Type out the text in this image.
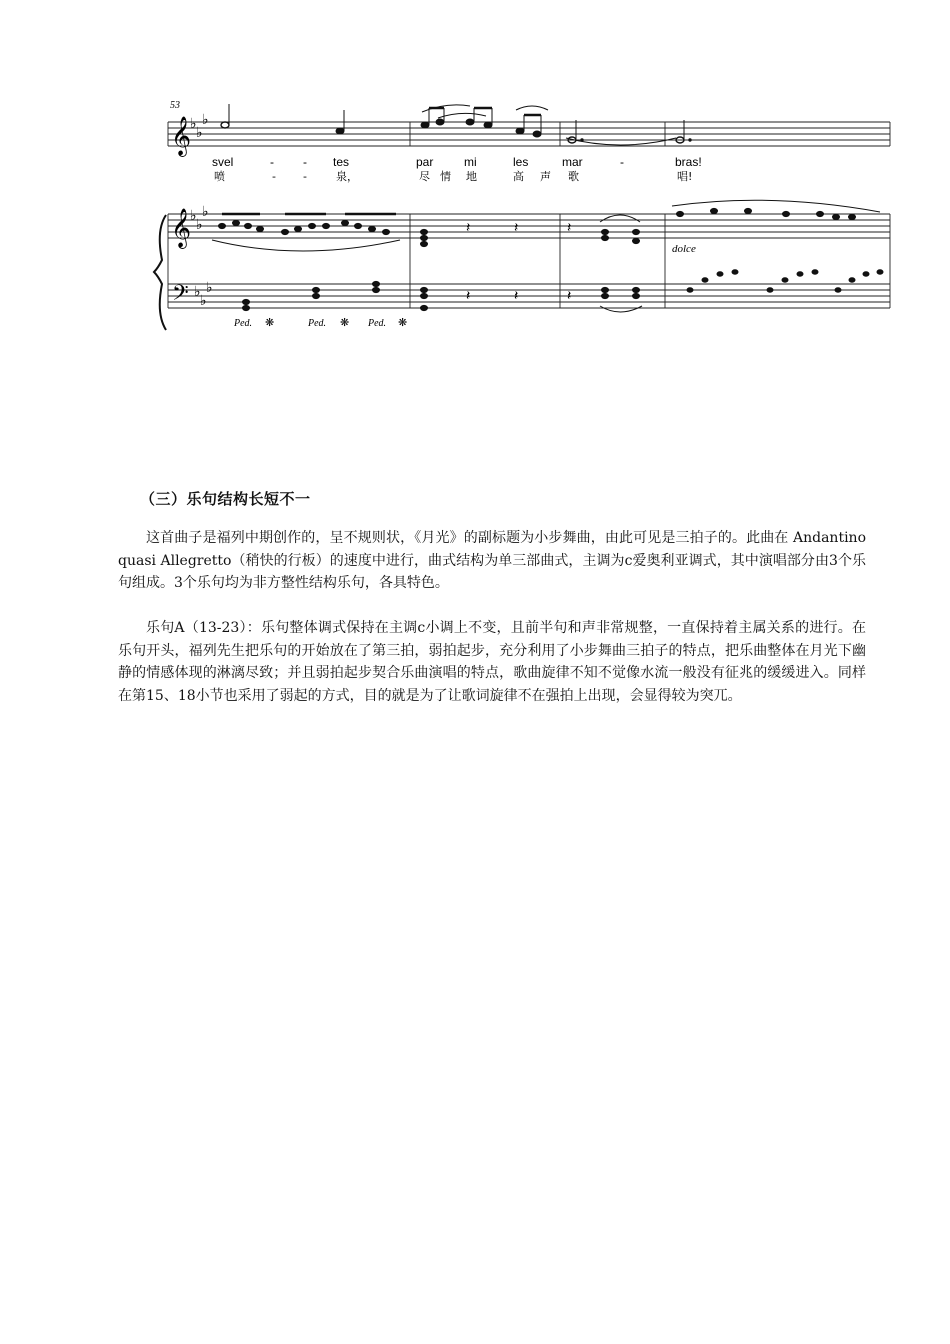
53
𝄞
♭
♭
♭
svel	- - tes	par	mi	les	mar	-	bras!
喷	- -	泉，	尽 情 地	高 声 歌	唱!
𝄞
♭
♭
♭
𝄢 ♭
♭
♭
𝄽	𝄽	𝄽
𝄽	𝄽	𝄽
dolce
Ped. ❋	Ped. ❋ Ped. ❋
（三）乐句结构长短不一
这首曲子是福列中期创作的，呈不规则状，《月光》的副标题为小步舞曲，由此可见是三拍子的。此曲在 Andantino quasi Allegretto（稍快的行板）的速度中进行，曲式结构为单三部曲式，主调为c爱奥利亚调式，其中演唱部分由3个乐句组成。3个乐句均为非方整性结构乐句，各具特色。
乐句A（13-23）：乐句整体调式保持在主调c小调上不变，且前半句和声非常规整，一直保持着主属关系的进行。在乐句开头，福列先生把乐句的开始放在了第三拍，弱拍起步，充分利用了小步舞曲三拍子的特点，把乐曲整体在月光下幽静的情感体现的淋漓尽致；并且弱拍起步契合乐曲演唱的特点，歌曲旋律不知不觉像水流一般没有征兆的缓缓进入。同样在第15、18小节也采用了弱起的方式，目的就是为了让歌词旋律不在强拍上出现，会显得较为突兀。
